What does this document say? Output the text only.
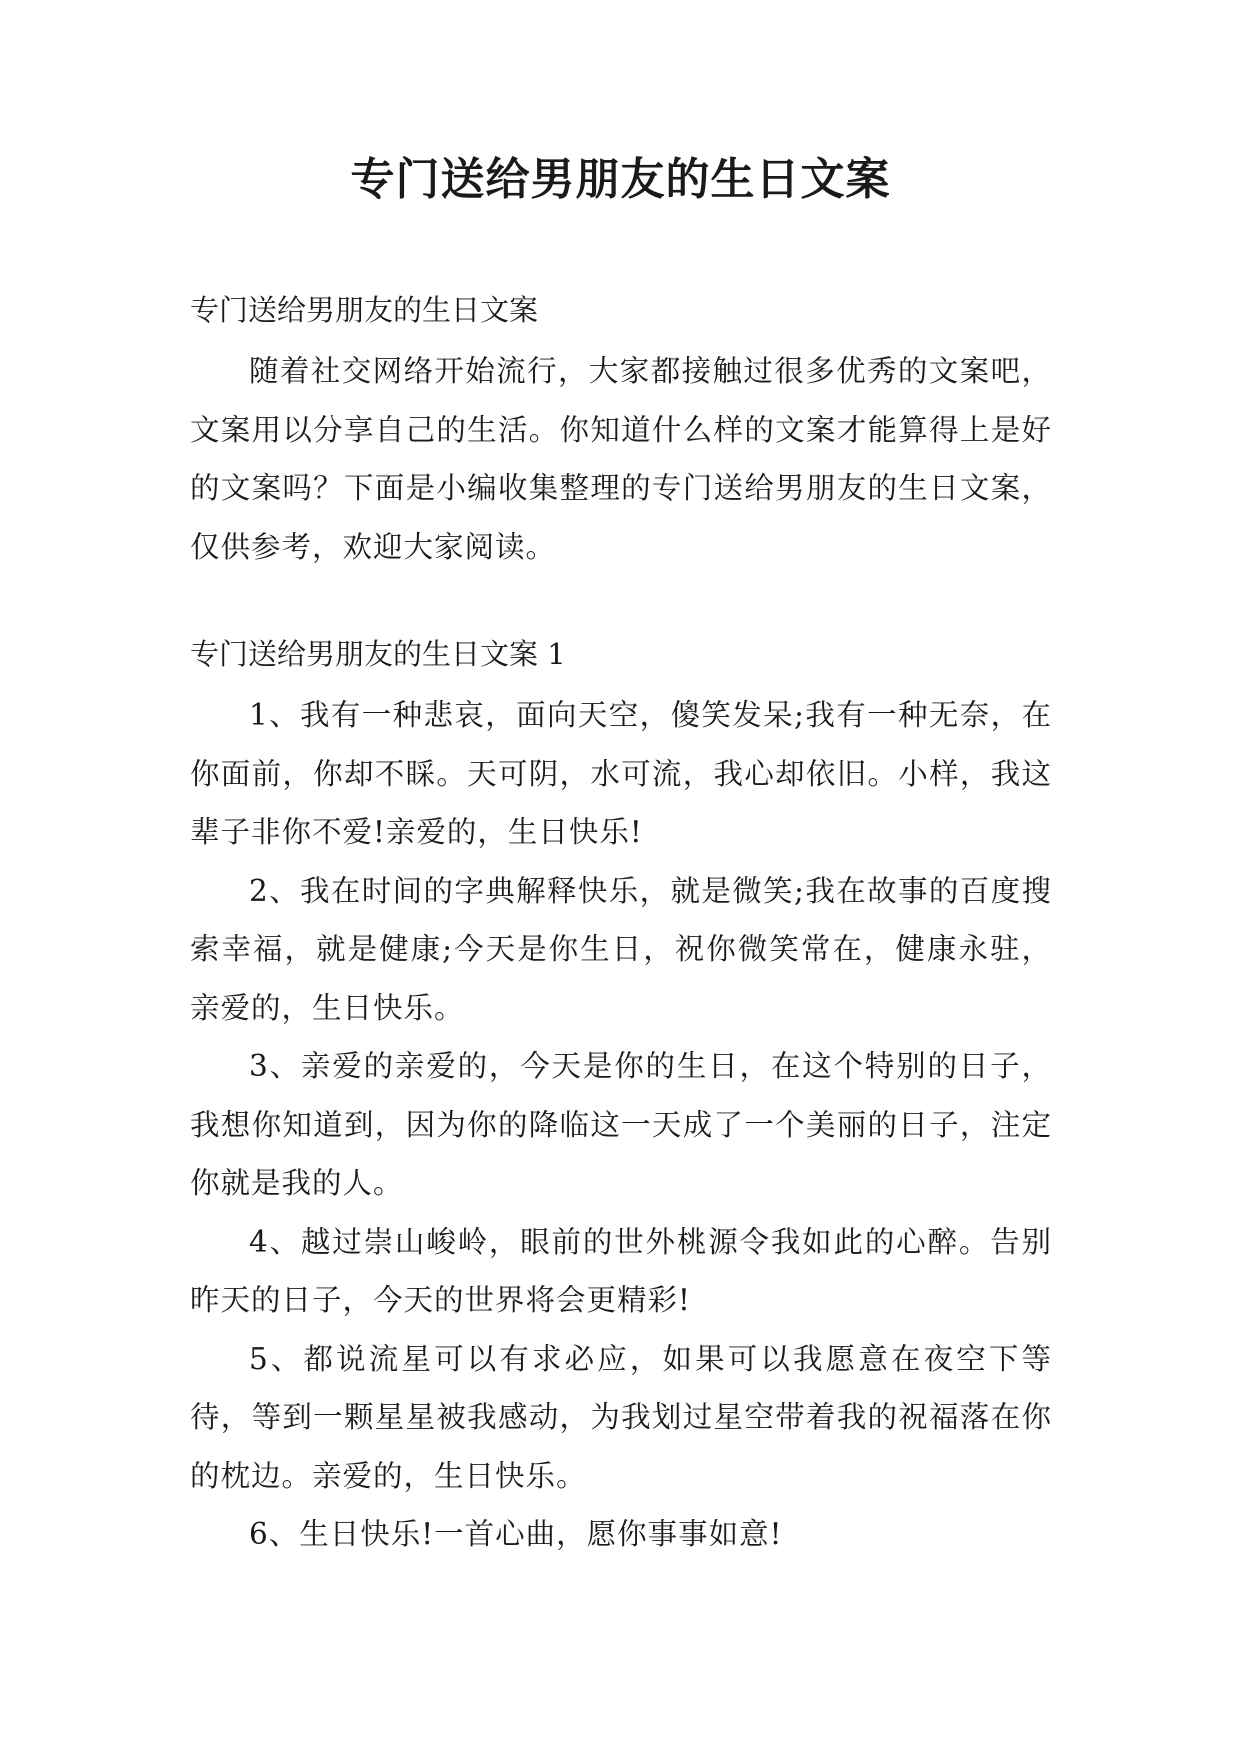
专门送给男朋友的生日文案

专门送给男朋友的生日文案

随着社交网络开始流行，大家都接触过很多优秀的文案吧，文案用以分享自己的生活。你知道什么样的文案才能算得上是好的文案吗？下面是小编收集整理的专门送给男朋友的生日文案，仅供参考，欢迎大家阅读。

专门送给男朋友的生日文案 1

1、我有一种悲哀，面向天空，傻笑发呆;我有一种无奈，在你面前，你却不睬。天可阴，水可流，我心却依旧。小样，我这辈子非你不爱!亲爱的，生日快乐!

2、我在时间的字典解释快乐，就是微笑;我在故事的百度搜索幸福，就是健康;今天是你生日，祝你微笑常在，健康永驻，亲爱的，生日快乐。

3、亲爱的亲爱的，今天是你的生日，在这个特别的日子，我想你知道到，因为你的降临这一天成了一个美丽的日子，注定你就是我的人。

4、越过崇山峻岭，眼前的世外桃源令我如此的心醉。告别昨天的日子，今天的世界将会更精彩!

5、都说流星可以有求必应，如果可以我愿意在夜空下等待，等到一颗星星被我感动，为我划过星空带着我的祝福落在你的枕边。亲爱的，生日快乐。

6、生日快乐!一首心曲，愿你事事如意!
